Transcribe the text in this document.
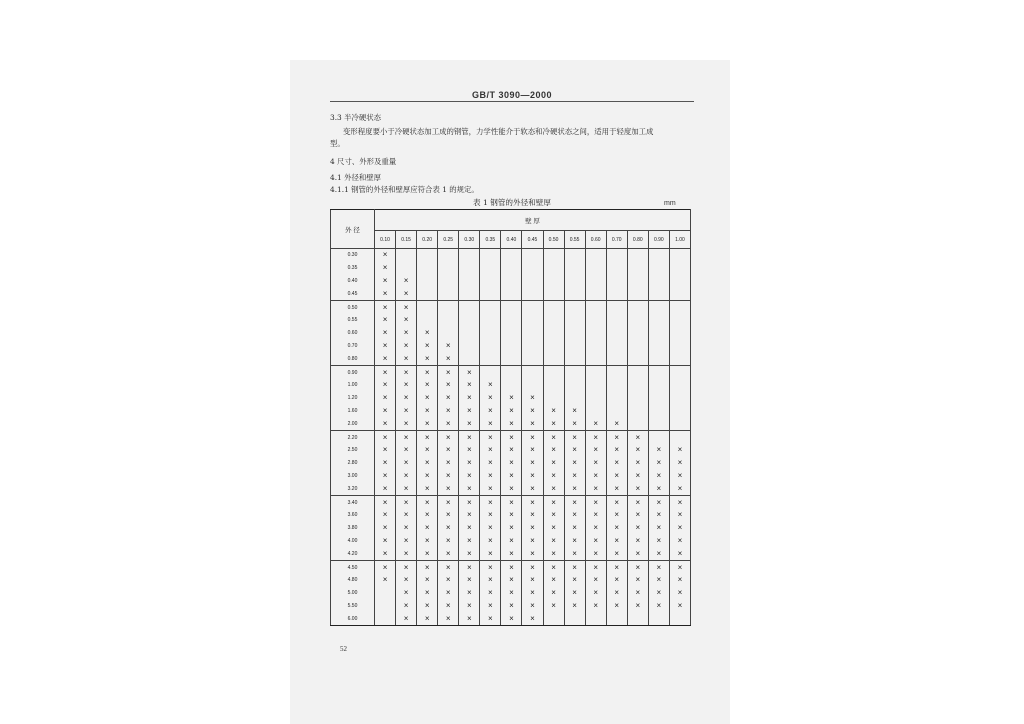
GB/T 3090—2000
3.3 半冷硬状态
变形程度要小于冷硬状态加工成的钢管，力学性能介于软态和冷硬状态之间，适用于轻度加工成
型。
4 尺寸、外形及重量
4.1 外径和壁厚
4.1.1 钢管的外径和壁厚应符合表 1 的规定。
表 1 钢管的外径和壁厚	mm
外 径	壁 厚														
	0.10	0.15	0.20	0.25	0.30	0.35	0.40	0.45	0.50	0.55	0.60	0.70	0.80	0.90	1.00
0.30	×														
0.35	×														
0.40	×	×													
0.45	×	×													
0.50	×	×													
0.55	×	×													
0.60	×	×	×												
0.70	×	×	×	×											
0.80	×	×	×	×											
0.90	×	×	×	×	×										
1.00	×	×	×	×	×	×									
1.20	×	×	×	×	×	×	×	×							
1.60	×	×	×	×	×	×	×	×	×	×					
2.00	×	×	×	×	×	×	×	×	×	×	×	×			
2.20	×	×	×	×	×	×	×	×	×	×	×	×	×		
2.50	×	×	×	×	×	×	×	×	×	×	×	×	×	×	×
2.80	×	×	×	×	×	×	×	×	×	×	×	×	×	×	×
3.00	×	×	×	×	×	×	×	×	×	×	×	×	×	×	×
3.20	×	×	×	×	×	×	×	×	×	×	×	×	×	×	×
3.40	×	×	×	×	×	×	×	×	×	×	×	×	×	×	×
3.60	×	×	×	×	×	×	×	×	×	×	×	×	×	×	×
3.80	×	×	×	×	×	×	×	×	×	×	×	×	×	×	×
4.00	×	×	×	×	×	×	×	×	×	×	×	×	×	×	×
4.20	×	×	×	×	×	×	×	×	×	×	×	×	×	×	×
4.50	×	×	×	×	×	×	×	×	×	×	×	×	×	×	×
4.80	×	×	×	×	×	×	×	×	×	×	×	×	×	×	×
5.00		×	×	×	×	×	×	×	×	×	×	×	×	×	×
5.50		×	×	×	×	×	×	×	×	×	×	×	×	×	×
6.00		×	×	×	×	×	×	×							
52
